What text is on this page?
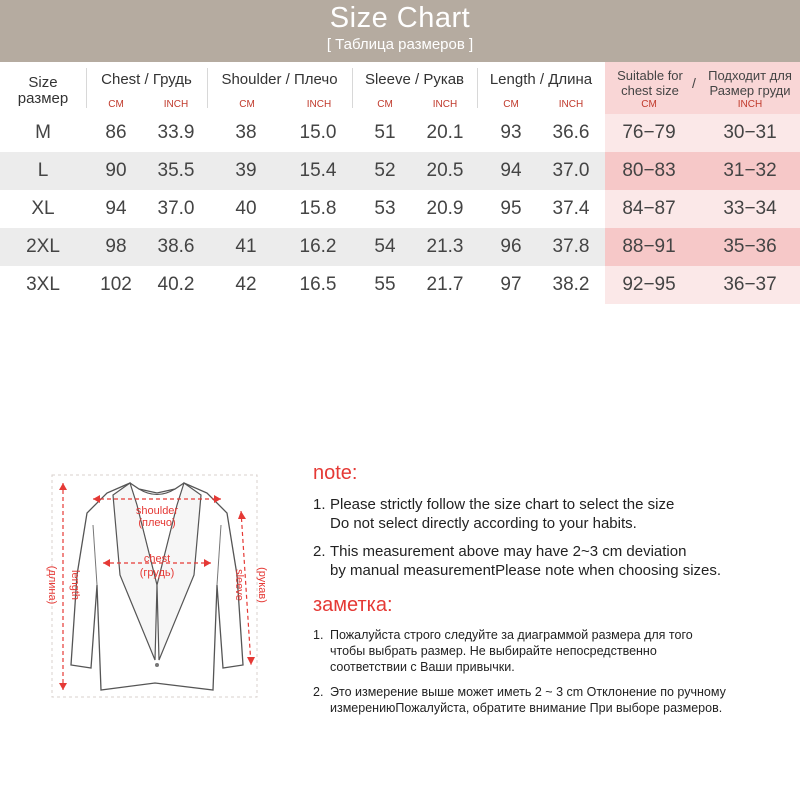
Size Chart
[ Таблица размеров ]
Size
размер
Chest / Грудь
CM	INCH
Shoulder / Плечо
CM	INCH
Sleeve / Рукав
CM	INCH
Length / Длина
CM	INCH
Suitable for
chest size / Подходит для
Размер груди
CM	INCH
M	86	33.9	38	15.0	51	20.1	93	36.6	76−79	30−31
L	90	35.5	39	15.4	52	20.5	94	37.0	80−83	31−32
XL	94	37.0	40	15.8	53	20.9	95	37.4	84−87	33−34
2XL	98	38.6	41	16.2	54	21.3	96	37.8	88−91	35−36
3XL	102	40.2	42	16.5	55	21.7	97	38.2	92−95	36−37
shoulder
(плечо)
chest
(грудь)
length
(длина)	sleeve (рукав)
note:
1. Please strictly follow the size chart to select the size
Do not select directly according to your habits.
2. This measurement above may have 2~3 cm deviation
by manual measurementPlease note when choosing sizes.
заметка:
1. Пожалуйста строго следуйте за диаграммой размера для того
чтобы выбрать размер. Не выбирайте непосредственно
соответствии с Ваши привычки.
2. Это измерение выше может иметь 2 ~ 3 cm Отклонение по ручному
измерениюПожалуйста, обратите внимание При выборе размеров.
